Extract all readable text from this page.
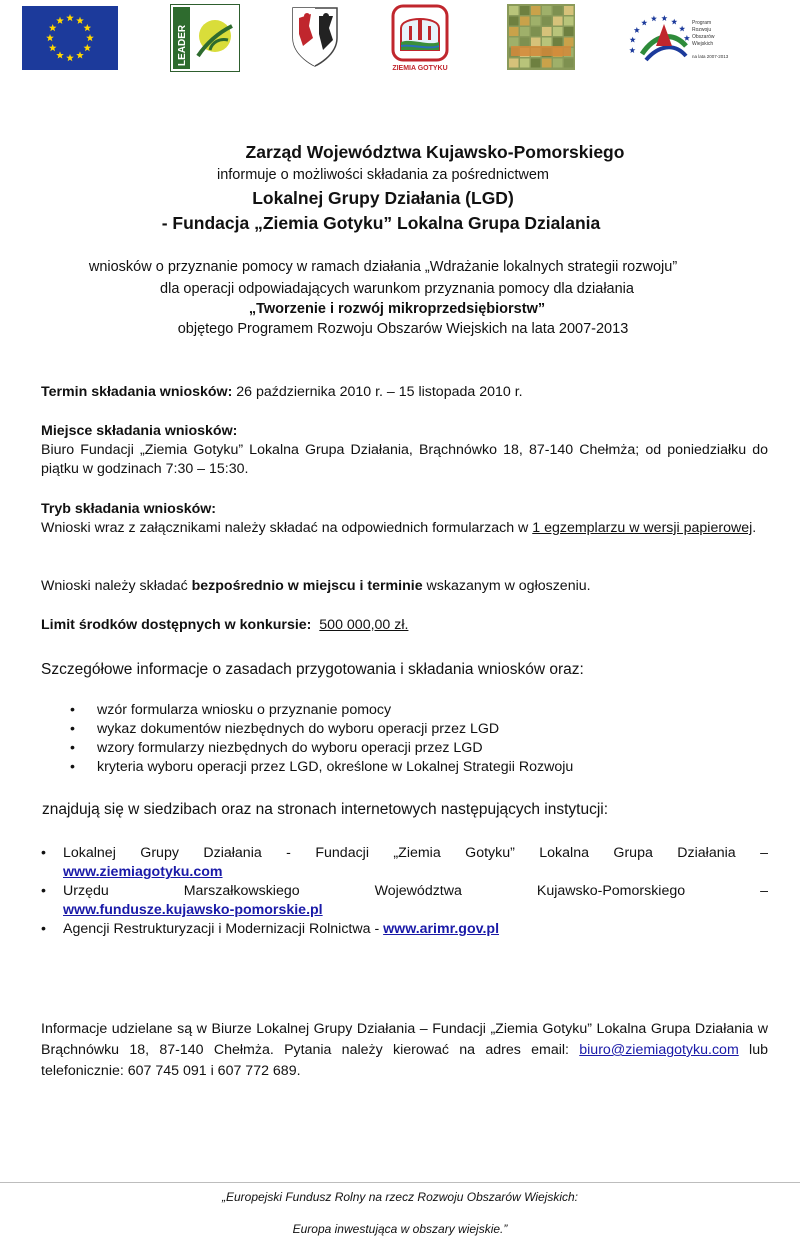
LEADER
ZIEMIA GOTYKU
Program
Rozwoju
Obszarów
Wiejskich
na lata 2007-2013
Zarząd Województwa Kujawsko-Pomorskiego
informuje o możliwości składania za pośrednictwem
Lokalnej Grupy Działania (LGD)
- Fundacja „Ziemia Gotyku” Lokalna Grupa Dzialania
wniosków o przyznanie pomocy w ramach działania „Wdrażanie lokalnych strategii rozwoju”
dla operacji odpowiadających warunkom przyznania pomocy dla działania
„Tworzenie i rozwój mikroprzedsiębiorstw”
objętego Programem Rozwoju Obszarów Wiejskich na lata 2007-2013
Termin składania wniosków: 26 października 2010 r. – 15 listopada 2010 r.
Miejsce składania wniosków:
Biuro Fundacji „Ziemia Gotyku” Lokalna Grupa Działania, Brąchnówko 18, 87-140 Chełmża; od poniedziałku do piątku w godzinach 7:30 – 15:30.
Tryb składania wniosków:
Wnioski wraz z załącznikami należy składać na odpowiednich formularzach w 1 egzemplarzu w wersji papierowej.
Wnioski należy składać bezpośrednio w miejscu i terminie wskazanym w ogłoszeniu.
Limit środków dostępnych w konkursie: 500 000,00 zł.
Szczegółowe informacje o zasadach przygotowania i składania wniosków oraz:
• wzór formularza wniosku o przyznanie pomocy
• wykaz dokumentów niezbędnych do wyboru operacji przez LGD
• wzory formularzy niezbędnych do wyboru operacji przez LGD
• kryteria wyboru operacji przez LGD, określone w Lokalnej Strategii Rozwoju
znajdują się w siedzibach oraz na stronach internetowych następujących instytucji:
• Lokalnej Grupy Działania - Fundacji „Ziemia Gotyku” Lokalna Grupa Działania –
www.ziemiagotyku.com
• Urzędu Marszałkowskiego Województwa Kujawsko-Pomorskiego –
www.fundusze.kujawsko-pomorskie.pl
• Agencji Restrukturyzacji i Modernizacji Rolnictwa - www.arimr.gov.pl
Informacje udzielane są w Biurze Lokalnej Grupy Działania – Fundacji „Ziemia Gotyku” Lokalna Grupa Działania w Brąchnówku 18, 87-140 Chełmża. Pytania należy kierować na adres email: biuro@ziemiagotyku.com lub telefonicznie: 607 745 091 i 607 772 689.
„Europejski Fundusz Rolny na rzecz Rozwoju Obszarów Wiejskich:
Europa inwestująca w obszary wiejskie.”
